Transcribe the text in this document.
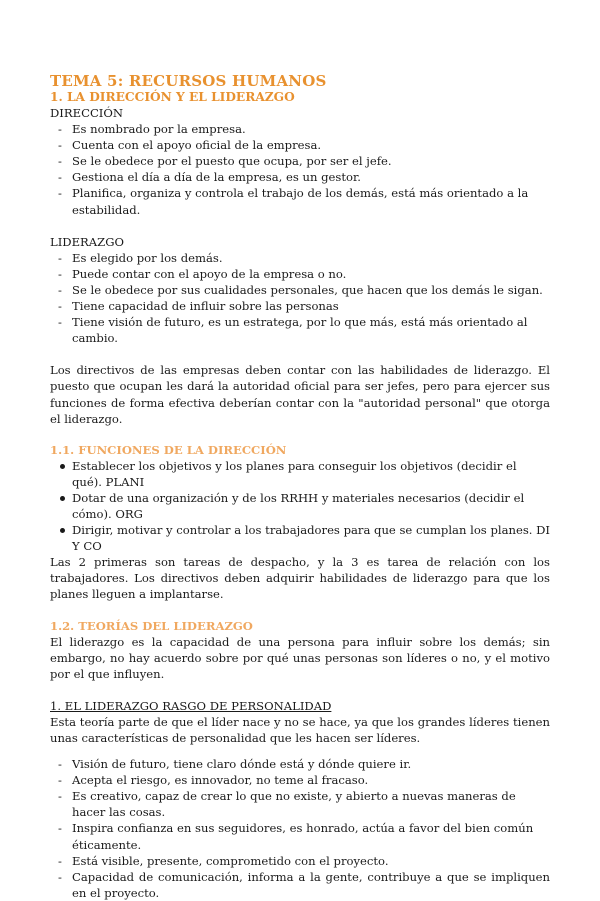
TEMA 5: RECURSOS HUMANOS
1. LA DIRECCIÓN Y EL LIDERAZGO

DIRECCIÓN

- Es nombrado por la empresa.
- Cuenta con el apoyo oficial de la empresa.
- Se le obedece por el puesto que ocupa, por ser el jefe.
- Gestiona el día a día de la empresa, es un gestor.
- Planifica, organiza y controla el trabajo de los demás, está más orientado a la estabilidad.

LIDERAZGO

- Es elegido por los demás.
- Puede contar con el apoyo de la empresa o no.
- Se le obedece por sus cualidades personales, que hacen que los demás le sigan.
- Tiene capacidad de influir sobre las personas
- Tiene visión de futuro, es un estratega, por lo que más, está más orientado al cambio.

Los directivos de las empresas deben contar con las habilidades de liderazgo. El puesto que ocupan les dará la autoridad oficial para ser jefes, pero para ejercer sus funciones de forma efectiva deberían contar con la "autoridad personal" que otorga el liderazgo.

1.1. FUNCIONES DE LA DIRECCIÓN
Establecer los objetivos y los planes para conseguir los objetivos (decidir el qué). PLANI
Dotar de una organización y de los RRHH y materiales necesarios (decidir el cómo). ORG
Dirigir, motivar y controlar a los trabajadores para que se cumplan los planes. DI Y CO

Las 2 primeras son tareas de despacho, y la 3 es tarea de relación con los trabajadores. Los directivos deben adquirir habilidades de liderazgo para que los planes lleguen a implantarse.

1.2. TEORÍAS DEL LIDERAZGO

El liderazgo es la capacidad de una persona para influir sobre los demás; sin embargo, no hay acuerdo sobre por qué unas personas son líderes o no, y el motivo por el que influyen.

1. EL LIDERAZGO RASGO DE PERSONALIDAD

Esta teoría parte de que el líder nace y no se hace, ya que los grandes líderes tienen unas características de personalidad que les hacen ser líderes.

- Visión de futuro, tiene claro dónde está y dónde quiere ir.
- Acepta el riesgo, es innovador, no teme al fracaso.
- Es creativo, capaz de crear lo que no existe, y abierto a nuevas maneras de hacer las cosas.
- Inspira confianza en sus seguidores, es honrado, actúa a favor del bien común éticamente.
- Está visible, presente, comprometido con el proyecto.
- Capacidad de comunicación, informa a la gente, contribuye a que se impliquen en el proyecto.
